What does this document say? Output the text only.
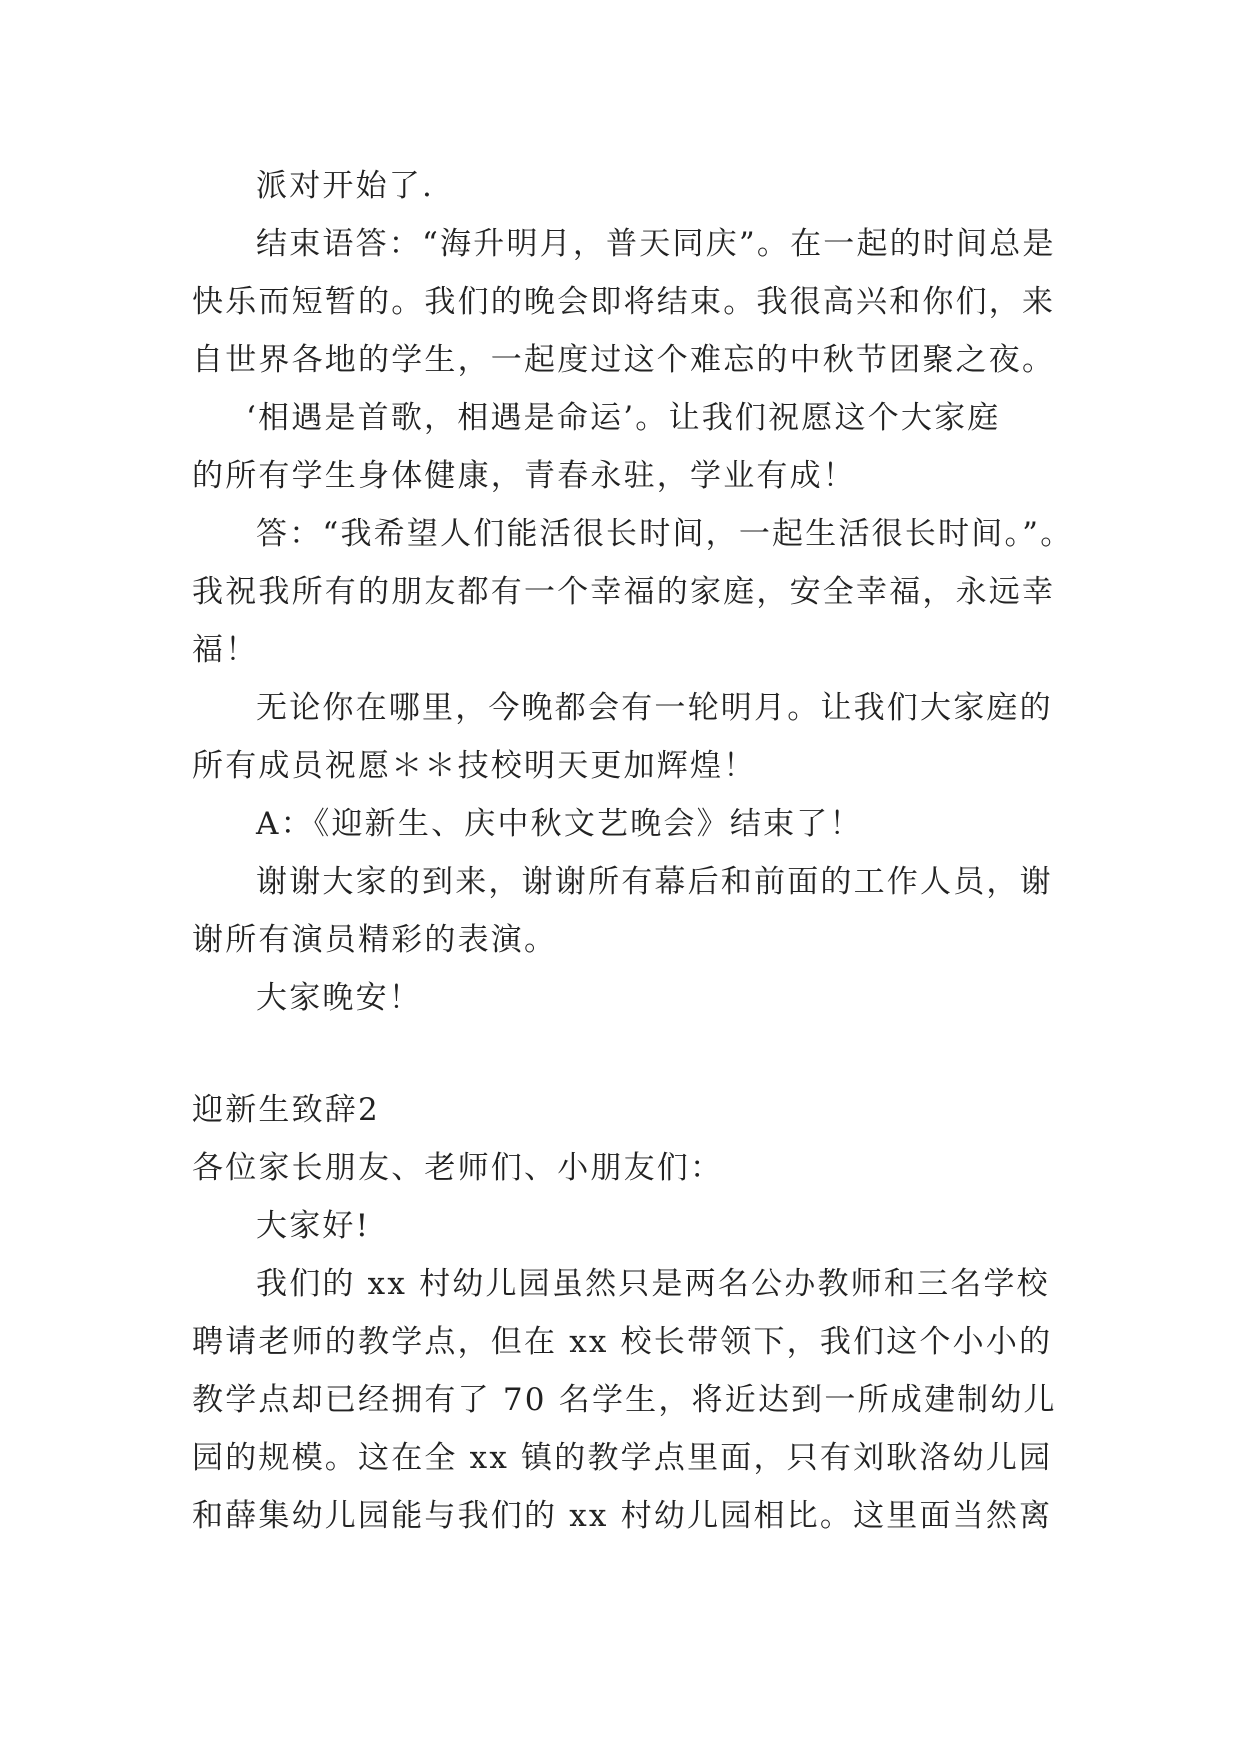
派对开始了.
结束语答：“海升明月，普天同庆”。在一起的时间总是
快乐而短暂的。我们的晚会即将结束。我很高兴和你们，来
自世界各地的学生，一起度过这个难忘的中秋节团聚之夜。
‘相遇是首歌，相遇是命运’。让我们祝愿这个大家庭
的所有学生身体健康，青春永驻，学业有成！
答：“我希望人们能活很长时间，一起生活很长时间。”。
我祝我所有的朋友都有一个幸福的家庭，安全幸福，永远幸
福！
无论你在哪里，今晚都会有一轮明月。让我们大家庭的
所有成员祝愿＊＊技校明天更加辉煌！
A：《迎新生、庆中秋文艺晚会》结束了！
谢谢大家的到来，谢谢所有幕后和前面的工作人员，谢
谢所有演员精彩的表演。
大家晚安！
迎新生致辞2
各位家长朋友、老师们、小朋友们：
大家好!
我们的 xx 村幼儿园虽然只是两名公办教师和三名学校
聘请老师的教学点，但在 xx 校长带领下，我们这个小小的
教学点却已经拥有了 70 名学生，将近达到一所成建制幼儿
园的规模。这在全 xx 镇的教学点里面，只有刘耿洛幼儿园
和薛集幼儿园能与我们的 xx 村幼儿园相比。这里面当然离
